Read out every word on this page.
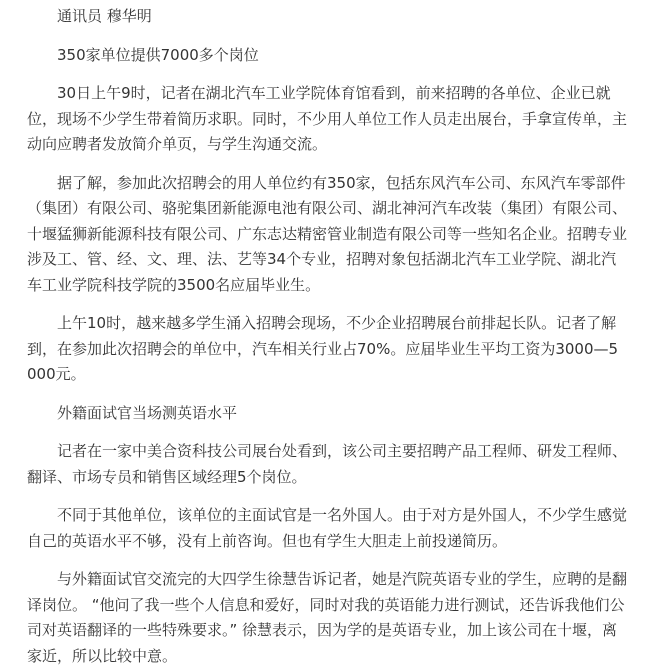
通讯员 穆华明

350家单位提供7000多个岗位

30日上午9时，记者在湖北汽车工业学院体育馆看到，前来招聘的各单位、企业已就位，现场不少学生带着简历求职。同时，不少用人单位工作人员走出展台，手拿宣传单，主动向应聘者发放简介单页，与学生沟通交流。

据了解，参加此次招聘会的用人单位约有350家，包括东风汽车公司、东风汽车零部件（集团）有限公司、骆驼集团新能源电池有限公司、湖北神河汽车改装（集团）有限公司、十堰猛狮新能源科技有限公司、广东志达精密管业制造有限公司等一些知名企业。招聘专业涉及工、管、经、文、理、法、艺等34个专业，招聘对象包括湖北汽车工业学院、湖北汽车工业学院科技学院的3500名应届毕业生。

上午10时，越来越多学生涌入招聘会现场，不少企业招聘展台前排起长队。记者了解到，在参加此次招聘会的单位中，汽车相关行业占70%。应届毕业生平均工资为3000—5000元。

外籍面试官当场测英语水平

记者在一家中美合资科技公司展台处看到，该公司主要招聘产品工程师、研发工程师、翻译、市场专员和销售区域经理5个岗位。

不同于其他单位，该单位的主面试官是一名外国人。由于对方是外国人，不少学生感觉自己的英语水平不够，没有上前咨询。但也有学生大胆走上前投递简历。

与外籍面试官交流完的大四学生徐慧告诉记者，她是汽院英语专业的学生，应聘的是翻译岗位。 “他问了我一些个人信息和爱好，同时对我的英语能力进行测试，还告诉我他们公司对英语翻译的一些特殊要求。” 徐慧表示，因为学的是英语专业，加上该公司在十堰，离家近，所以比较中意。
